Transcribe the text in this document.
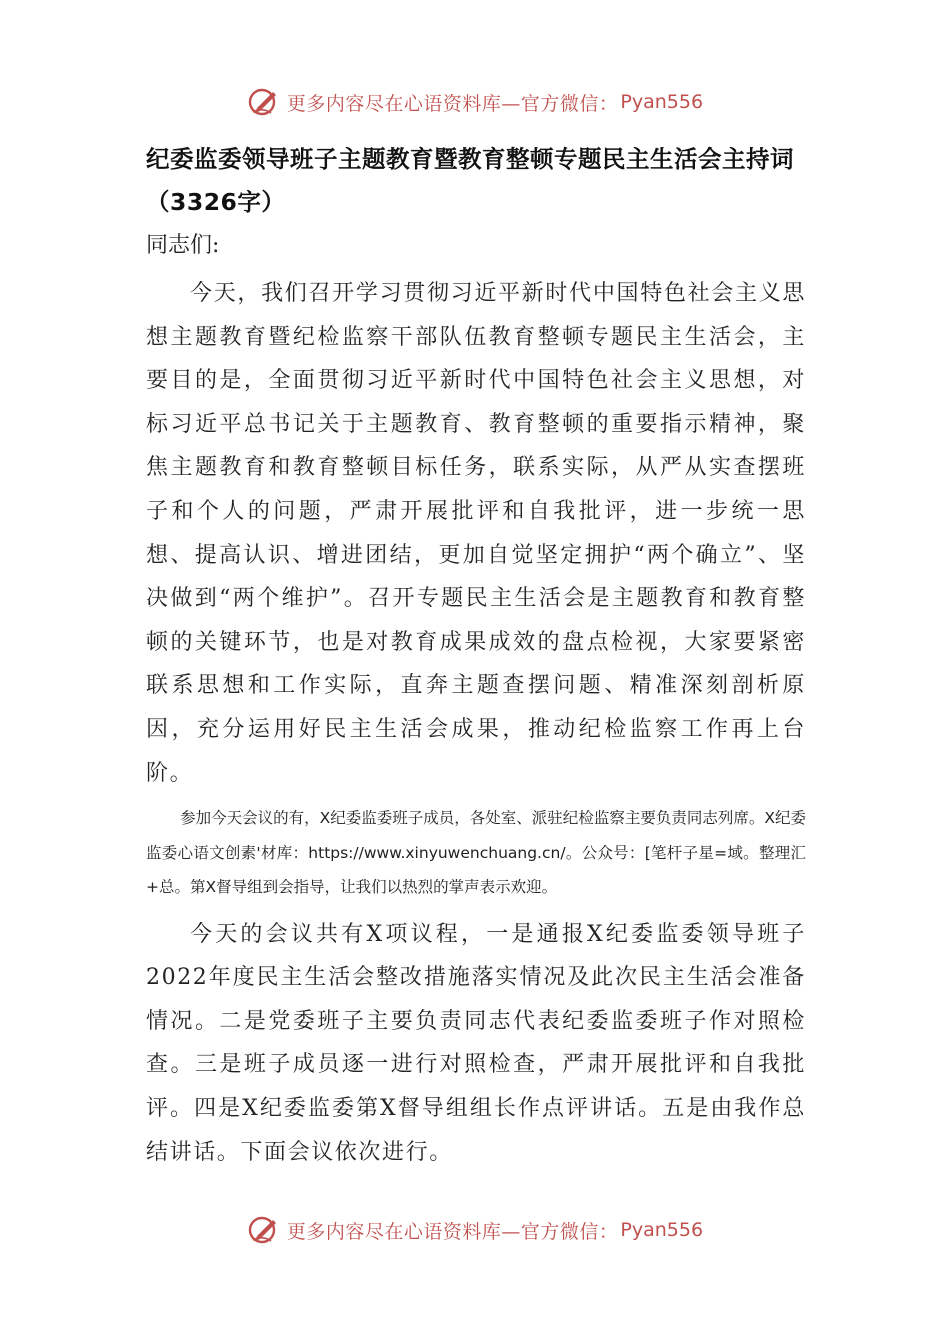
更多内容尽在心语资料库—官方微信： Pyan556
纪委监委领导班子主题教育暨教育整顿专题民主生活会主持词（3326字）

同志们:

今天，我们召开学习贯彻习近平新时代中国特色社会主义思想主题教育暨纪检监察干部队伍教育整顿专题民主生活会，主要目的是，全面贯彻习近平新时代中国特色社会主义思想，对标习近平总书记关于主题教育、教育整顿的重要指示精神，聚焦主题教育和教育整顿目标任务，联系实际，从严从实查摆班子和个人的问题，严肃开展批评和自我批评，进一步统一思想、提高认识、增进团结，更加自觉坚定拥护“两个确立”、坚决做到“两个维护”。召开专题民主生活会是主题教育和教育整顿的关键环节，也是对教育成果成效的盘点检视，大家要紧密联系思想和工作实际，直奔主题查摆问题、精准深刻剖析原因，充分运用好民主生活会成果，推动纪检监察工作再上台阶。

参加今天会议的有，X纪委监委班子成员，各处室、派驻纪检监察主要负责同志列席。X纪委监委心语文创素'材库：https://www.xinyuwenchuang.cn/。公众号：[笔杆子星=域。整理汇+总。第X督导组到会指导，让我们以热烈的掌声表示欢迎。

今天的会议共有X项议程，一是通报X纪委监委领导班子2022年度民主生活会整改措施落实情况及此次民主生活会准备情况。二是党委班子主要负责同志代表纪委监委班子作对照检查。三是班子成员逐一进行对照检查，严肃开展批评和自我批评。四是X纪委监委第X督导组组长作点评讲话。五是由我作总结讲话。下面会议依次进行。

更多内容尽在心语资料库—官方微信： Pyan556
